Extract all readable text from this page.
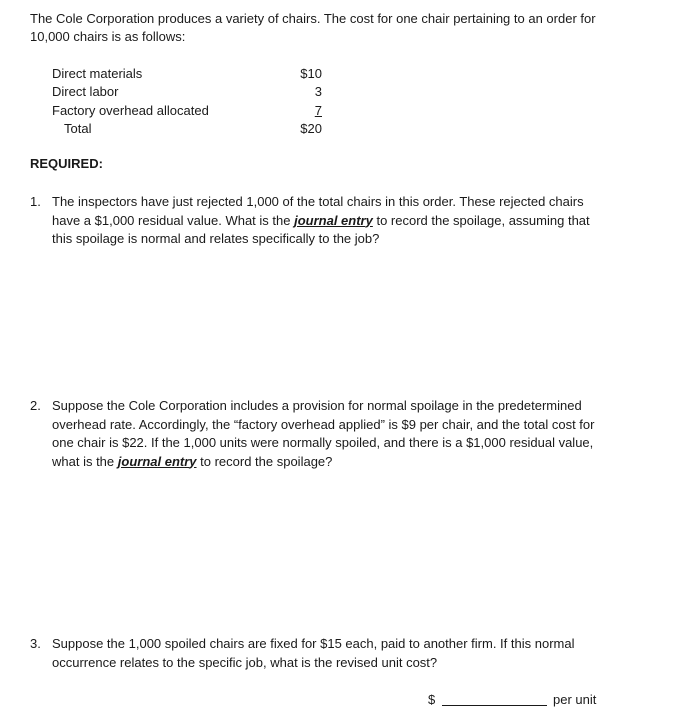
The Cole Corporation produces a variety of chairs. The cost for one chair pertaining to an order for 10,000 chairs is as follows:
Direct materials	$10
Direct labor	3
Factory overhead allocated	7
Total	$20
REQUIRED:
1. The inspectors have just rejected 1,000 of the total chairs in this order. These rejected chairs have a $1,000 residual value. What is the journal entry to record the spoilage, assuming that this spoilage is normal and relates specifically to the job?
2. Suppose the Cole Corporation includes a provision for normal spoilage in the predetermined overhead rate. Accordingly, the “factory overhead applied” is $9 per chair, and the total cost for one chair is $22. If the 1,000 units were normally spoiled, and there is a $1,000 residual value, what is the journal entry to record the spoilage?
3. Suppose the 1,000 spoiled chairs are fixed for $15 each, paid to another firm. If this normal occurrence relates to the specific job, what is the revised unit cost?
$	per unit
